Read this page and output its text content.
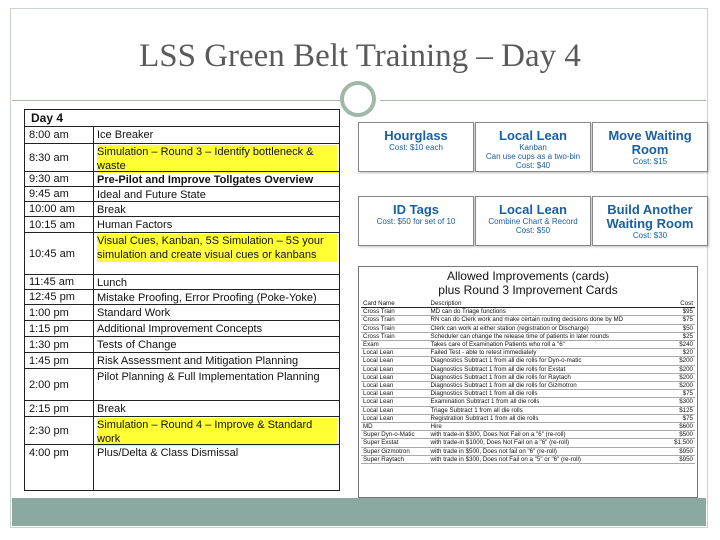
LSS Green Belt Training – Day 4
Day 4
8:00 am	Ice Breaker
8:30 am	Simulation – Round 3 – Identify bottleneck & waste
9:30 am	Pre-Pilot and Improve Tollgates Overview
9:45 am	Ideal and Future State
10:00 am Break
10:15 am Human Factors
10:45 am
Visual Cues, Kanban, 5S Simulation – 5S your simulation and create visual cues or kanbans
11:45 am Lunch
12:45 pm Mistake Proofing, Error Proofing (Poke-Yoke)
1:00 pm	Standard Work
1:15 pm	Additional Improvement Concepts
1:30 pm	Tests of Change
1:45 pm	Risk Assessment and Mitigation Planning
2:00 pm
Pilot Planning & Full Implementation Planning
2:15 pm	Break
2:30 pm	Simulation – Round 4 – Improve & Standard work
4:00 pm	Plus/Delta & Class Dismissal
Hourglass
Cost: $10 each
Local Lean
Kanban
Can use cups as a two-bin
Cost: $40
Move Waiting Room
Cost: $15
ID Tags
Cost: $50 for set of 10
Local Lean
Combine Chart & Record
Cost: $50
Build Another Waiting Room
Cost: $30
Allowed Improvements (cards)
plus Round 3 Improvement Cards
Card Name	Description	Cost
Cross Train	MD can do Triage functions	$95
Cross Train	RN can do Clerk work and make certain routing decisions done by MD	$75
Cross Train	Clerk can work at either station (registration or Discharge)	$50
Cross Train	Scheduler can change the release time of patients in later rounds	$25
Exam	Takes care of Examination Patients who roll a "6"	$240
Local Lean	Failed Test - able to retest immediately	$20
Local Lean	Diagnostics Subtract 1 from all die rolls for Dyn-o-matic	$200
Local Lean	Diagnostics Subtract 1 from all die rolls for Exstat	$200
Local Lean	Diagnostics Subtract 1 from all die rolls for Raytach	$200
Local Lean	Diagnostics Subtract 1 from all die rolls for Gizmotron	$200
Local Lean	Diagnostics Subtract 1 from all die rolls	$75
Local Lean	Examination Subtract 1 from all die rolls	$300
Local Lean	Triage Subtract 1 from all die rolls	$125
Local Lean	Registration Subtract 1 from all die rolls	$75
MD	Hire	$600
Super Dyn-o-Matic	with trade-in $300, Does Not Fail on a "6" (re-roll)	$500
Super Exstat	with trade-in $1000, Does Not Fail on a "6" (re-roll)	$1,500
Super Gizmotron	with trade in $500, Does not fail on "6" (re-roll)	$950
Super Raytach	with trade in $300, Does not Fail on a "5" or "6" (re-roll)	$950
